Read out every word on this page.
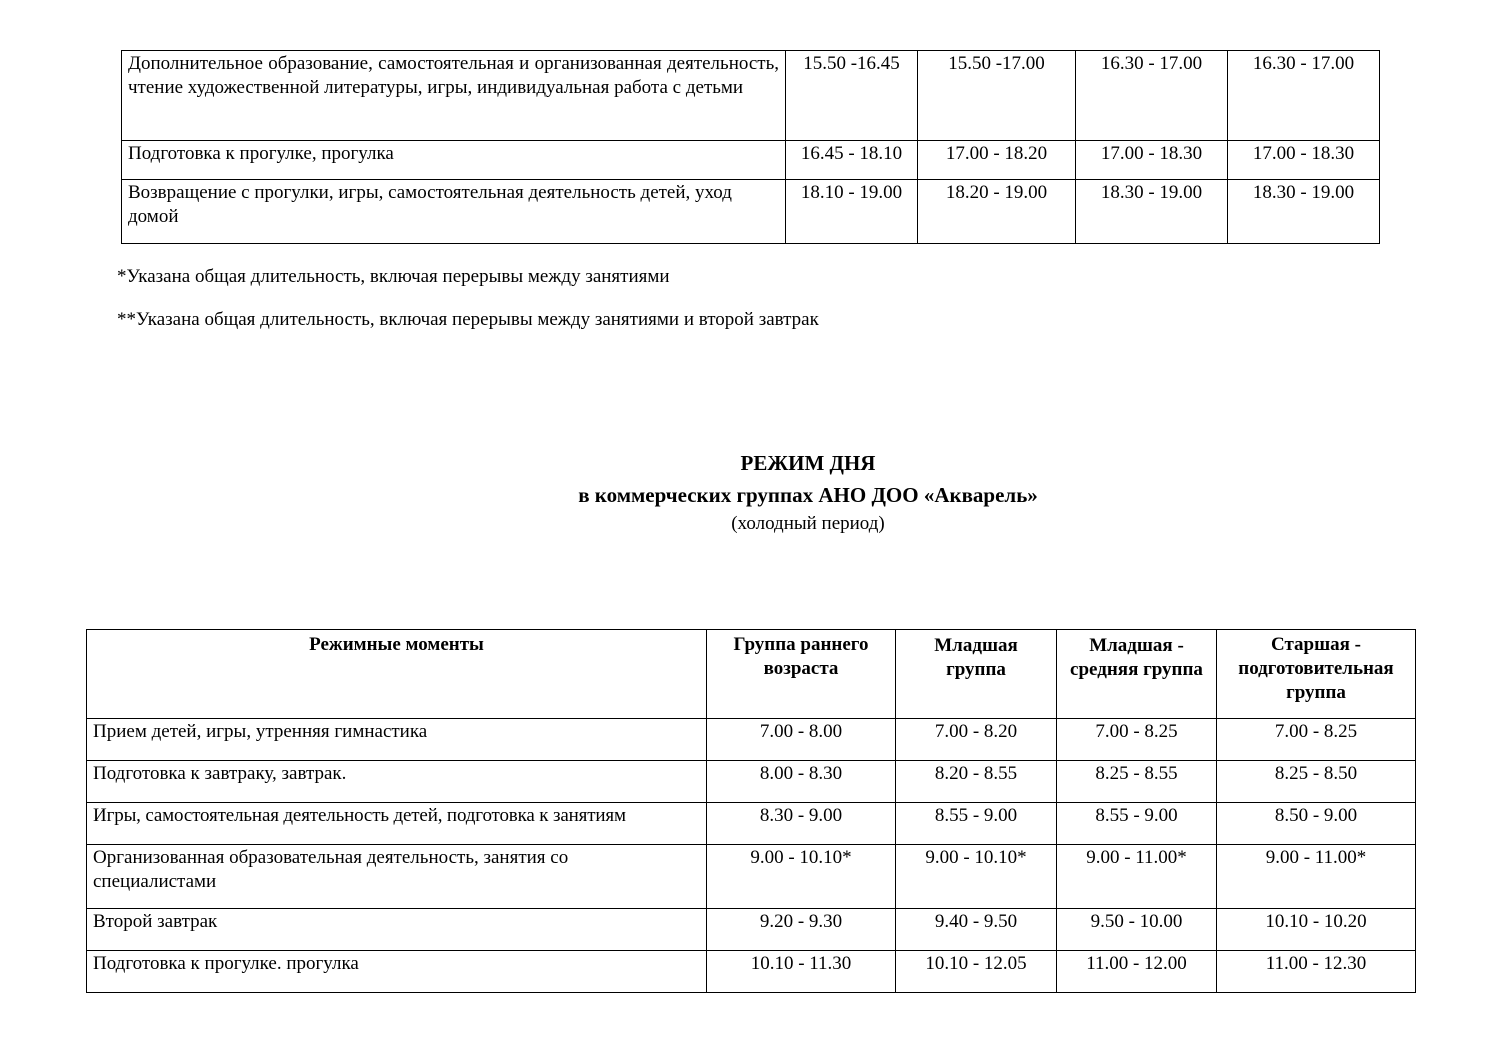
Дополнительное образование, самостоятельная и организованная деятельность, чтение художественной литературы, игры, индивидуальная работа с детьми	15.50 -16.45	15.50 -17.00	16.30 - 17.00	16.30 - 17.00
Подготовка к прогулке, прогулка	16.45 - 18.10	17.00 - 18.20	17.00 - 18.30	17.00 - 18.30
Возвращение с прогулки, игры, самостоятельная деятельность детей, уход домой	18.10 - 19.00	18.20 - 19.00	18.30 - 19.00	18.30 - 19.00
*Указана общая длительность, включая перерывы между занятиями
**Указана общая длительность, включая перерывы между занятиями и второй завтрак
РЕЖИМ ДНЯ
в коммерческих группах АНО ДОО «Акварель»
(холодный период)
Режимные моменты	Группа раннего возраста	Младшая группа	Младшая - средняя группа	Старшая - подготовительная группа
Прием детей, игры, утренняя гимнастика	7.00 - 8.00	7.00 - 8.20	7.00 - 8.25	7.00 - 8.25
Подготовка к завтраку, завтрак.	8.00 - 8.30	8.20 - 8.55	8.25 - 8.55	8.25 - 8.50
Игры, самостоятельная деятельность детей, подготовка к занятиям	8.30 - 9.00	8.55 - 9.00	8.55 - 9.00	8.50 - 9.00
Организованная образовательная деятельность, занятия со специалистами	9.00 - 10.10*	9.00 - 10.10*	9.00 - 11.00*	9.00 - 11.00*
Второй завтрак	9.20 - 9.30	9.40 - 9.50	9.50 - 10.00	10.10 - 10.20
Подготовка к прогулке. прогулка	10.10 - 11.30	10.10 - 12.05	11.00 - 12.00	11.00 - 12.30
